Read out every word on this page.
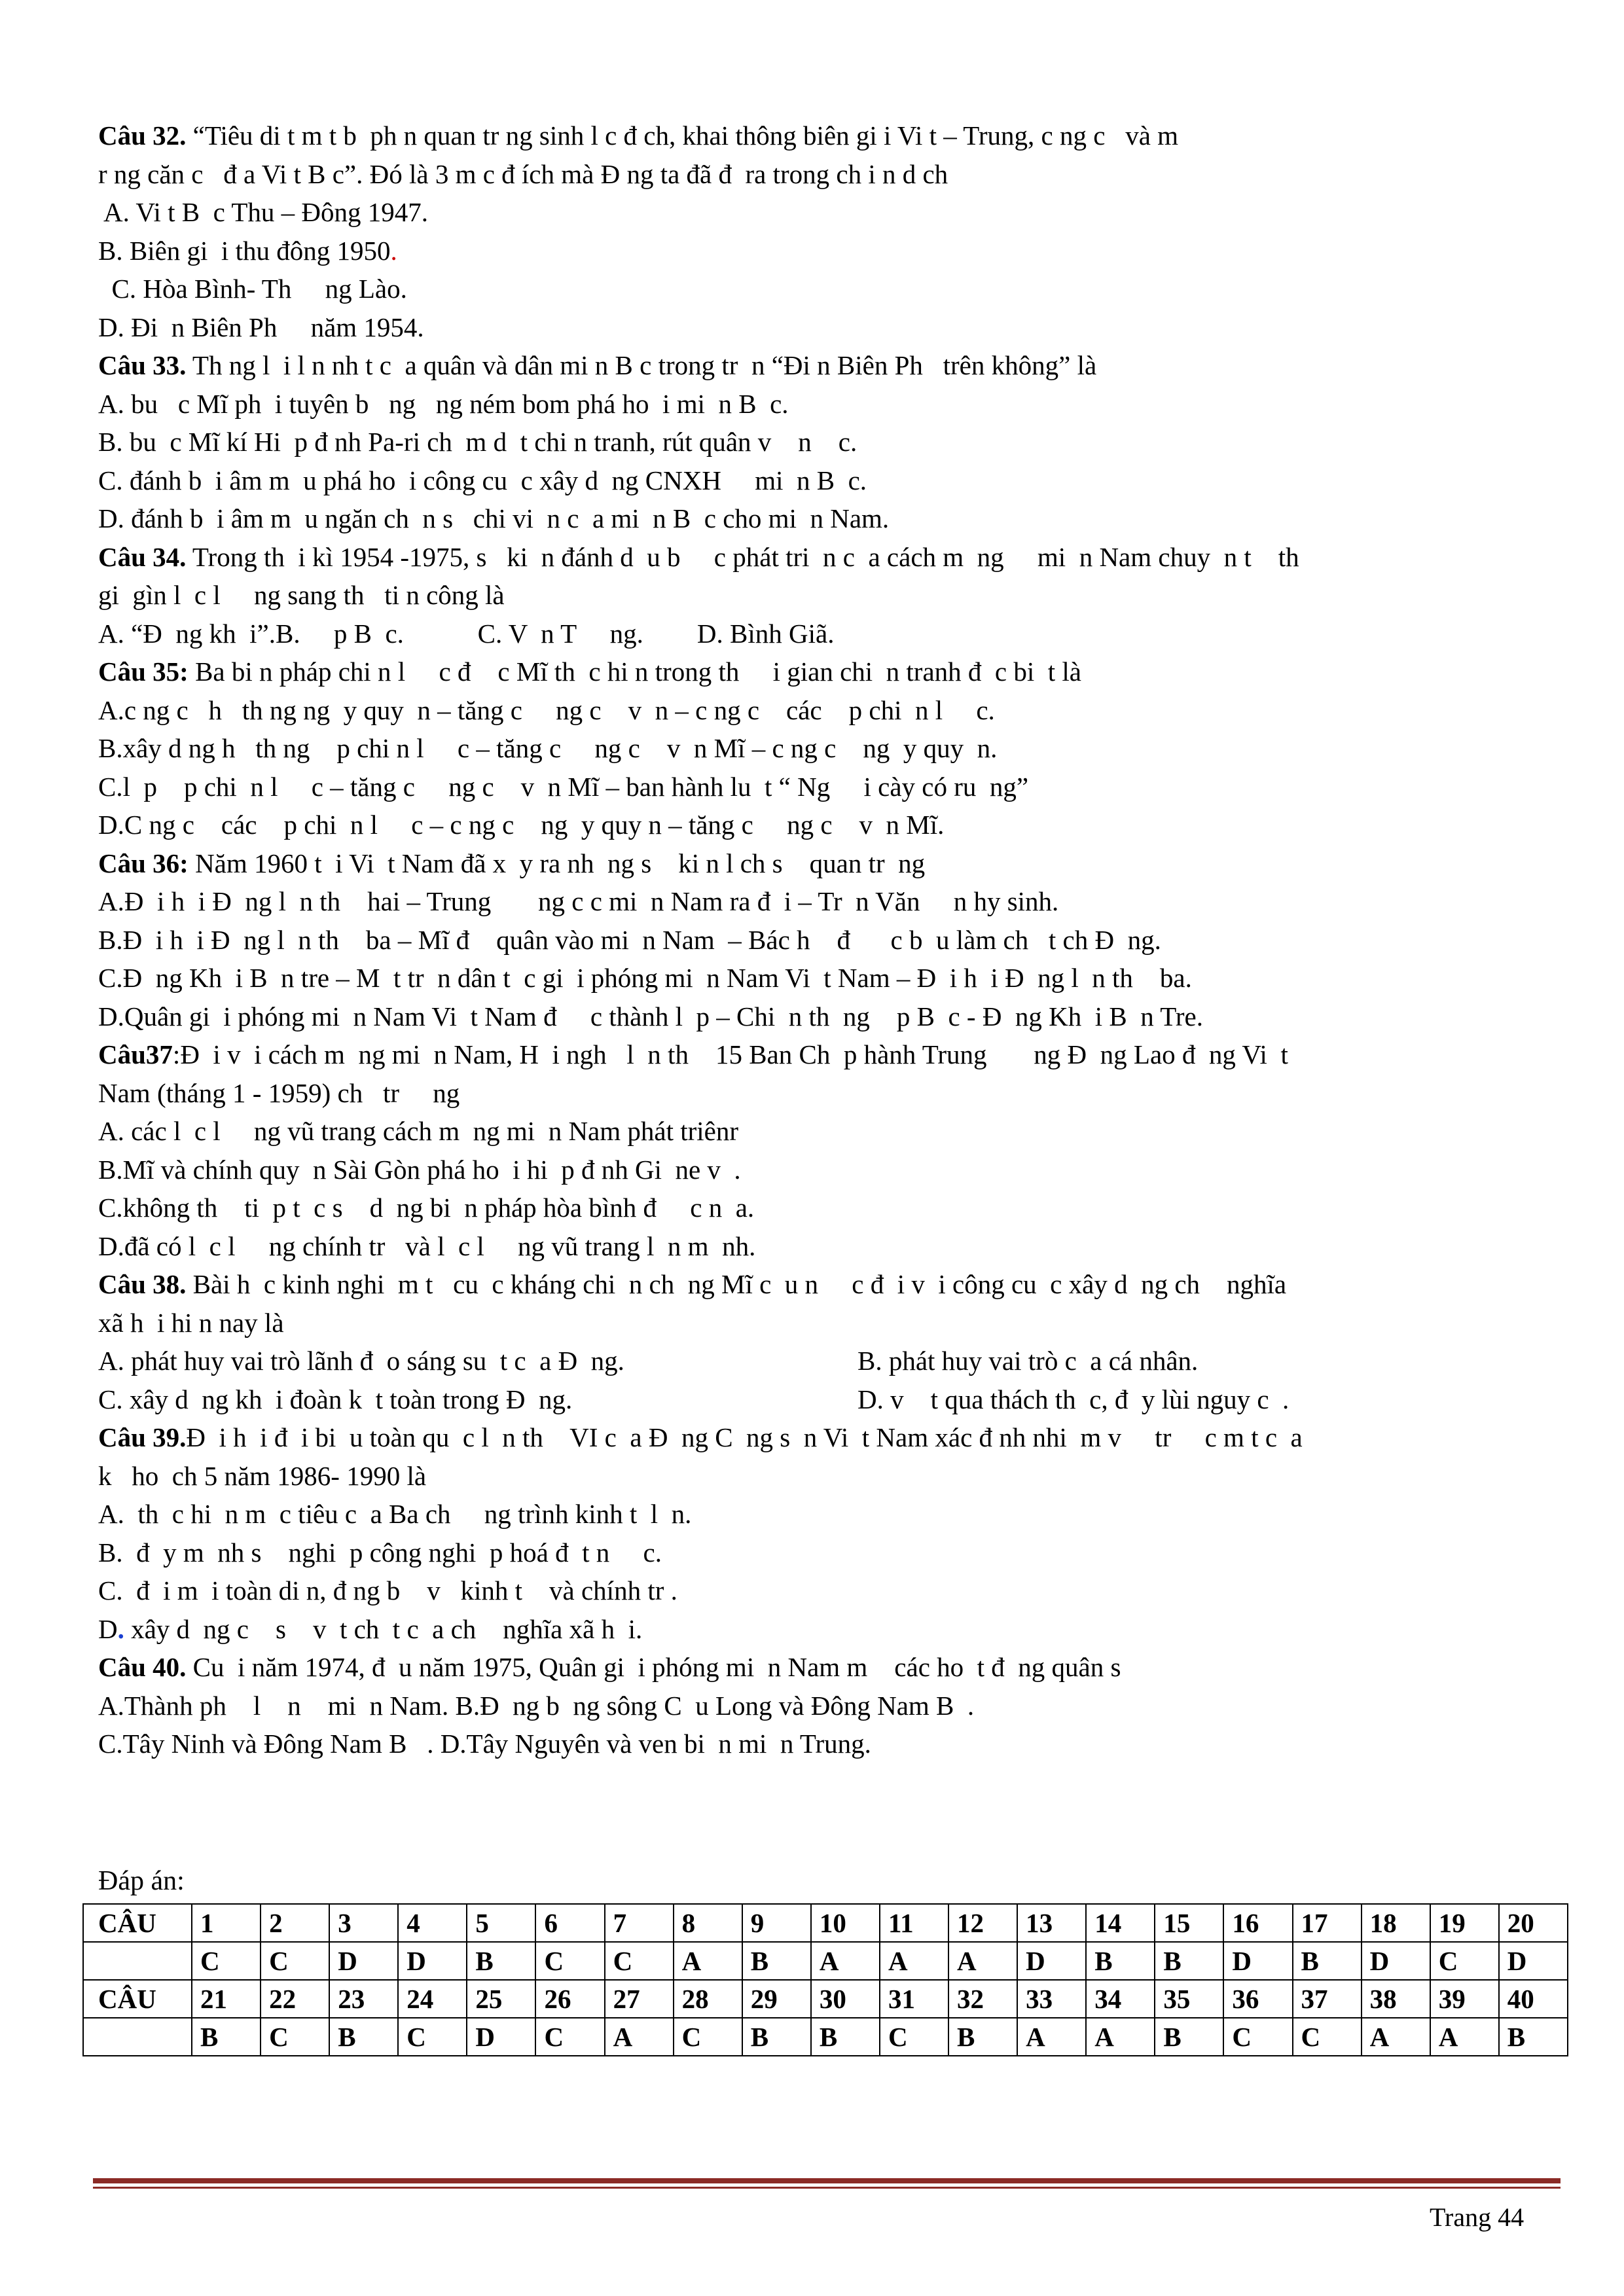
Câu 32. “Tiêu di t m t b  ph n quan tr ng sinh l c đ ch, khai thông biên gi i Vi t – Trung, c ng c   và m

r ng căn c   đ a Vi t B c”. Đó là 3 m c đ ích mà Đ ng ta đã đ  ra trong ch i n d ch

A. Vi t B  c Thu – Đông 1947.

B. Biên gi  i thu đông 1950.

C. Hòa Bình- Th     ng Lào.

D. Đi  n Biên Ph     năm 1954.

Câu 33. Th ng l  i l n nh t c  a quân và dân mi n B c trong tr  n “Đi n Biên Ph   trên không” là

A. bu   c Mĩ ph  i tuyên b   ng   ng ném bom phá ho  i mi  n B  c.

B. bu  c Mĩ kí Hi  p đ nh Pa-ri ch  m d  t chi n tranh, rút quân v    n    c.

C. đánh b  i âm m  u phá ho  i công cu  c xây d  ng CNXH     mi  n B  c.

D. đánh b  i âm m  u ngăn ch  n s   chi vi  n c  a mi  n B  c cho mi  n Nam.

Câu 34. Trong th  i kì 1954 -1975, s   ki  n đánh d  u b     c phát tri  n c  a cách m  ng     mi  n Nam chuy  n t    th

gi  gìn l  c l     ng sang th   ti n công là

A. “Đ  ng kh  i”.B.     p B  c.           C. V  n T     ng.        D. Bình Giã.

Câu 35: Ba bi n pháp chi n l     c đ    c Mĩ th  c hi n trong th     i gian chi  n tranh đ  c bi  t là

A.c ng c   h   th ng ng  y quy  n – tăng c     ng c    v  n – c ng c    các    p chi  n l     c.

B.xây d ng h   th ng    p chi n l     c – tăng c     ng c    v  n Mĩ – c ng c    ng  y quy  n.

C.l  p    p chi  n l     c – tăng c     ng c    v  n Mĩ – ban hành lu  t “ Ng     i cày có ru  ng”

D.C ng c    các    p chi  n l     c – c ng c    ng  y quy n – tăng c     ng c    v  n Mĩ.

Câu 36: Năm 1960 t  i Vi  t Nam đã x  y ra nh  ng s    ki n l ch s    quan tr  ng

A.Đ  i h  i Đ  ng l  n th    hai – Trung       ng c c mi  n Nam ra đ  i – Tr  n Văn     n hy sinh.

B.Đ  i h  i Đ  ng l  n th    ba – Mĩ đ    quân vào mi  n Nam  – Bác h    đ      c b  u làm ch   t ch Đ  ng.

C.Đ  ng Kh  i B  n tre – M  t tr  n dân t  c gi  i phóng mi  n Nam Vi  t Nam – Đ  i h  i Đ  ng l  n th    ba.

D.Quân gi  i phóng mi  n Nam Vi  t Nam đ     c thành l  p – Chi  n th  ng    p B  c - Đ  ng Kh  i B  n Tre.

Câu37:Đ  i v  i cách m  ng mi  n Nam, H  i ngh   l  n th    15 Ban Ch  p hành Trung       ng Đ  ng Lao đ  ng Vi  t

Nam (tháng 1 - 1959) ch   tr     ng

A. các l  c l     ng vũ trang cách m  ng mi  n Nam phát triênr

B.Mĩ và chính quy  n Sài Gòn phá ho  i hi  p đ nh Gi  ne v  .

C.không th    ti  p t  c s    d  ng bi  n pháp hòa bình đ     c n  a.

D.đã có l  c l     ng chính tr   và l  c l     ng vũ trang l  n m  nh.

Câu 38. Bài h  c kinh nghi  m t   cu  c kháng chi  n ch  ng Mĩ c  u n     c đ  i v  i công cu  c xây d  ng ch    nghĩa

xã h  i hi n nay là

A. phát huy vai trò lãnh đ  o sáng su  t c  a Đ  ng.	B. phát huy vai trò c  a cá nhân.
C. xây d  ng kh  i đoàn k  t toàn trong Đ  ng.	D. v    t qua thách th  c, đ  y lùi nguy c  .

Câu 39.Đ  i h  i đ  i bi  u toàn qu  c l  n th    VI c  a Đ  ng C  ng s  n Vi  t Nam xác đ nh nhi  m v     tr     c m t c  a

k   ho  ch 5 năm 1986- 1990 là

A.  th  c hi  n m  c tiêu c  a Ba ch     ng trình kinh t  l  n.

B.  đ  y m  nh s    nghi  p công nghi  p hoá đ  t n     c.

C.  đ  i m  i toàn di n, đ ng b    v   kinh t    và chính tr .

D. xây d  ng c    s    v  t ch  t c  a ch    nghĩa xã h  i.

Câu 40. Cu  i năm 1974, đ  u năm 1975, Quân gi  i phóng mi  n Nam m    các ho  t đ  ng quân s

A.Thành ph    l    n    mi  n Nam. B.Đ  ng b  ng sông C  u Long và Đông Nam B  .

C.Tây Ninh và Đông Nam B   . D.Tây Nguyên và ven bi  n mi  n Trung.

Đáp án:
CÂU	1	2	3	4	5	6	7	8	9	10	11	12	13	14	15	16	17	18	19	20
	C	C	D	D	B	C	C	A	B	A	A	A	D	B	B	D	B	D	C	D
CÂU	21	22	23	24	25	26	27	28	29	30	31	32	33	34	35	36	37	38	39	40
	B	C	B	C	D	C	A	C	B	B	C	B	A	A	B	C	C	A	A	B
Trang 44
